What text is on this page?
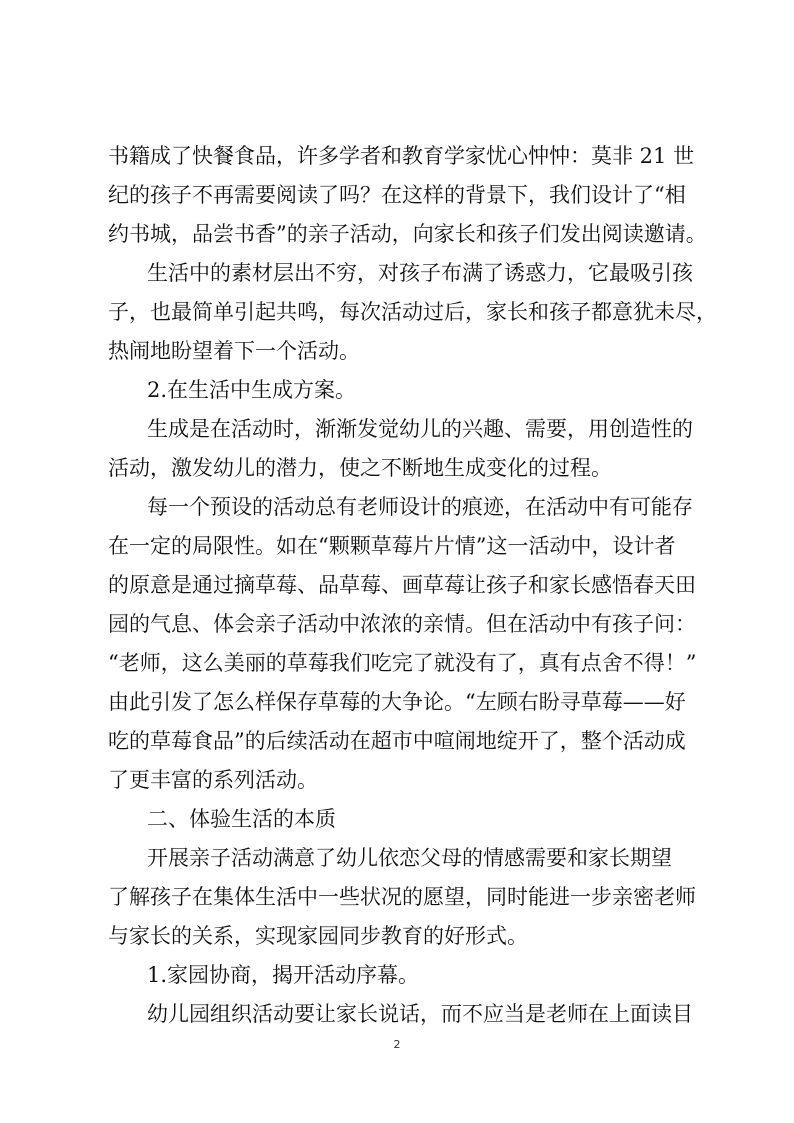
书籍成了快餐食品，许多学者和教育学家忧心忡忡：莫非 21 世
纪的孩子不再需要阅读了吗？在这样的背景下，我们设计了“相
约书城，品尝书香”的亲子活动，向家长和孩子们发出阅读邀请。
生活中的素材层出不穷，对孩子布满了诱惑力，它最吸引孩
子，也最简单引起共鸣，每次活动过后，家长和孩子都意犹未尽，
热闹地盼望着下一个活动。
2.在生活中生成方案。
生成是在活动时，渐渐发觉幼儿的兴趣、需要，用创造性的
活动，激发幼儿的潜力，使之不断地生成变化的过程。
每一个预设的活动总有老师设计的痕迹，在活动中有可能存
在一定的局限性。如在“颗颗草莓片片情”这一活动中，设计者
的原意是通过摘草莓、品草莓、画草莓让孩子和家长感悟春天田
园的气息、体会亲子活动中浓浓的亲情。但在活动中有孩子问：
“老师，这么美丽的草莓我们吃完了就没有了，真有点舍不得！”
由此引发了怎么样保存草莓的大争论。“左顾右盼寻草莓——好
吃的草莓食品”的后续活动在超市中喧闹地绽开了，整个活动成
了更丰富的系列活动。
二、体验生活的本质
开展亲子活动满意了幼儿依恋父母的情感需要和家长期望
了解孩子在集体生活中一些状况的愿望，同时能进一步亲密老师
与家长的关系，实现家园同步教育的好形式。
1.家园协商，揭开活动序幕。
幼儿园组织活动要让家长说话，而不应当是老师在上面读目
2
